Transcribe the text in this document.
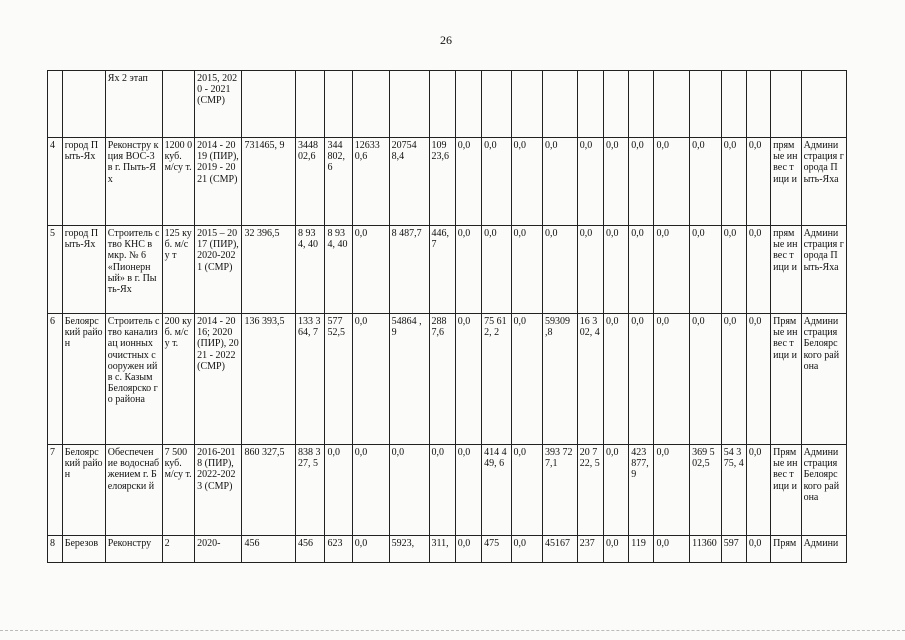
26
		Ях 2 этап		2015, 2020 - 2021 (СМР)																			
4	город Пыть-Ях	Реконстру кция ВОС-3 в г. Пыть-Ях	1200 0 куб. м/су т.	2014 - 2019 (ПИР), 2019 - 2021 (СМР)	731465, 9	3448 02,6	344 802, 6	12633 0,6	20754 8,4	109 23,6	0,0	0,0	0,0	0,0	0,0	0,0	0,0	0,0	0,0	0,0	0,0	прям ые инвес тици и	Админи страция города Пыть-Яха
5	город Пыть-Ях	Строитель ство КНС в мкр. № 6 «Пионерн ый» в г. Пыть-Ях	125 куб. м/су т	2015 – 2017 (ПИР), 2020-2021 (СМР)	32 396,5	8 934, 40	8 934, 40	0,0	8 487,7	446, 7	0,0	0,0	0,0	0,0	0,0	0,0	0,0	0,0	0,0	0,0	0,0	прям ые инвес тици и	Админи страция города Пыть-Яха
6	Белоярс кий район	Строитель ство канализац ионных очистных сооружен ий в с. Казым Белоярско го района	200 куб. м/су т.	2014 - 2016; 2020 (ПИР), 2021 - 2022 (СМР)	136 393,5	133 364, 7	577 52,5	0,0	54864 ,9	288 7,6	0,0	75 612, 2	0,0	59309 ,8	16 302, 4	0,0	0,0	0,0	0,0	0,0	0,0	Прям ые инвес тици и	Админи страция Белоярс кого района
7	Белоярс кий район	Обеспечен ие водоснаб жением г. Белоярски й	7 500 куб. м/су т.	2016-2018 (ПИР), 2022-2023 (СМР)	860 327,5	838 327, 5	0,0	0,0	0,0	0,0	0,0	414 449, 6	0,0	393 727,1	20 722, 5	0,0	423 877, 9	0,0	369 502,5	54 375, 4	0,0	Прям ые инвес тици и	Админи страция Белоярс кого района
8	Березов	Реконстру	2	2020-	456	456	623	0,0	5923,	311,	0,0	475	0,0	45167	237	0,0	119	0,0	11360	597	0,0	Прям	Админи
